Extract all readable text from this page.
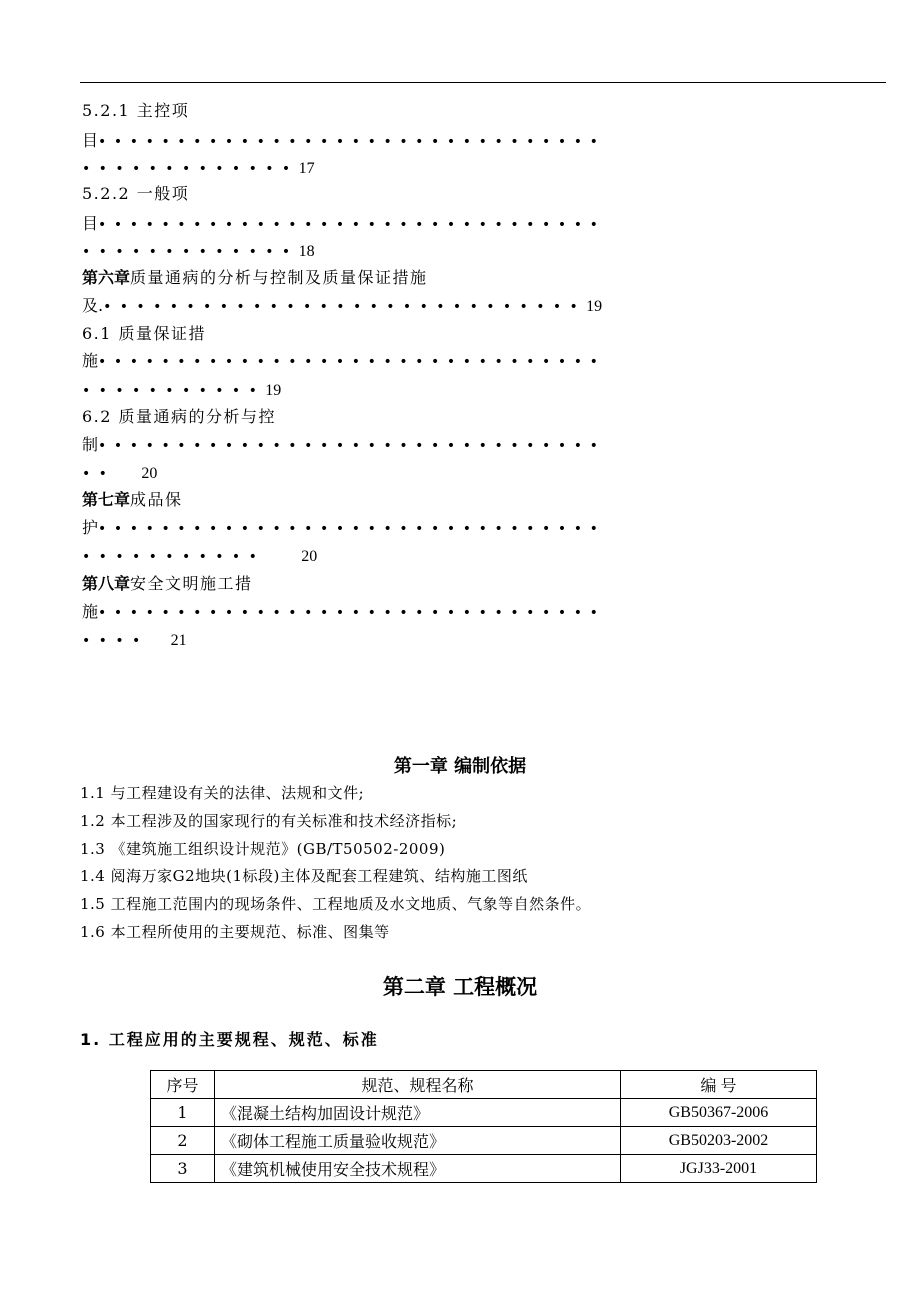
5.2.1 主控项
目••••••••••••••••••••••••••••••••
•••••••••••••17
5.2.2 一般项
目••••••••••••••••••••••••••••••••
•••••••••••••18
第六章质量通病的分析与控制及质量保证措施
及.•••••••••••••••••••••••••••••19
6.1 质量保证措
施••••••••••••••••••••••••••••••••
•••••••••••19
6.2 质量通病的分析与控
制••••••••••••••••••••••••••••••••
•• 20
第七章成品保
护••••••••••••••••••••••••••••••••
••••••••••• 20
第八章安全文明施工措
施••••••••••••••••••••••••••••••••
•••• 21
第一章 编制依据
1.1 与工程建设有关的法律、法规和文件;
1.2 本工程涉及的国家现行的有关标准和技术经济指标;
1.3 《建筑施工组织设计规范》(GB/T50502-2009)
1.4 阅海万家G2地块(1标段)主体及配套工程建筑、结构施工图纸
1.5 工程施工范围内的现场条件、工程地质及水文地质、气象等自然条件。
1.6 本工程所使用的主要规范、标准、图集等
第二章 工程概况
1. 工程应用的主要规程、规范、标准
序号	规范、规程名称	编 号
1	《混凝土结构加固设计规范》	GB50367-2006
2	《砌体工程施工质量验收规范》	GB50203-2002
3	《建筑机械使用安全技术规程》	JGJ33-2001
